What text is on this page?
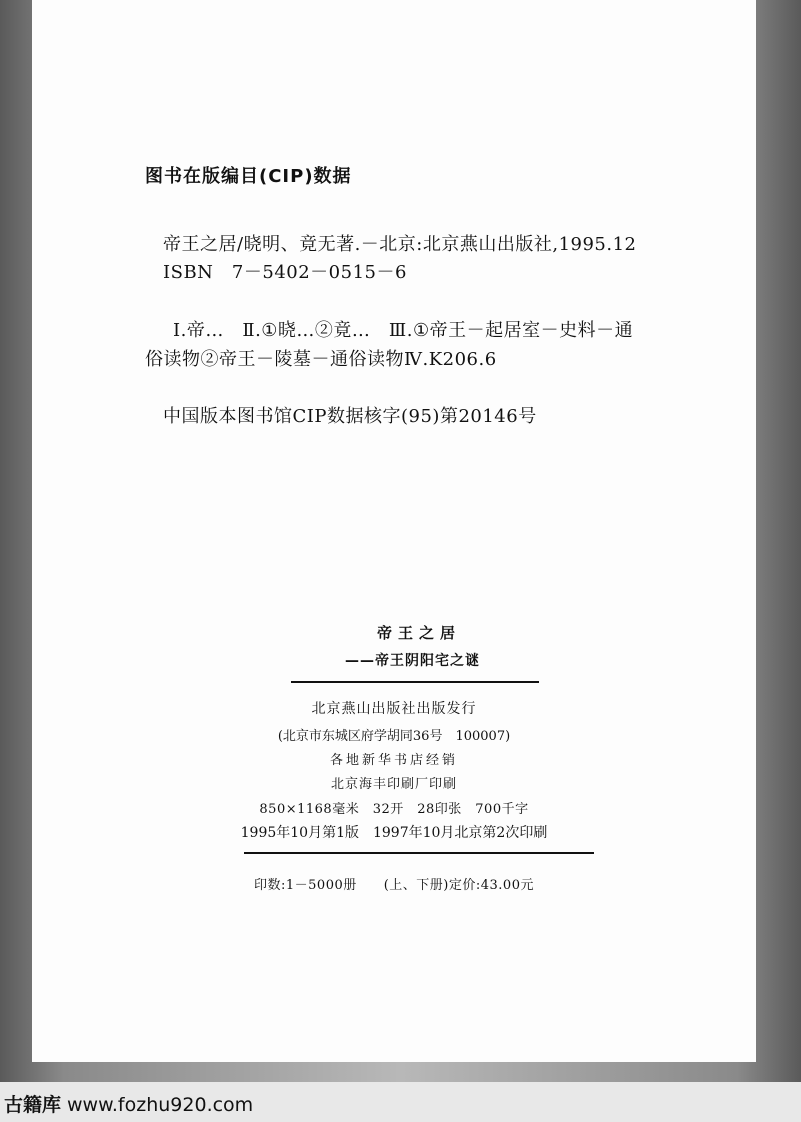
图书在版编目(CIP)数据
帝王之居/晓明、竟无著.－北京:北京燕山出版社,1995.12
ISBN　7－5402－0515－6
Ⅰ.帝…　Ⅱ.①晓…②竟…　Ⅲ.①帝王－起居室－史料－通
俗读物②帝王－陵墓－通俗读物Ⅳ.K206.6
中国版本图书馆CIP数据核字(95)第20146号
帝王之居
——帝王阴阳宅之谜
北京燕山出版社出版发行
(北京市东城区府学胡同36号　100007)
各地新华书店经销
北京海丰印刷厂印刷
850×1168毫米　32开　28印张　700千字
1995年10月第1版　1997年10月北京第2次印刷
印数:1－5000册　　(上、下册)定价:43.00元
古籍库 www.fozhu920.com
